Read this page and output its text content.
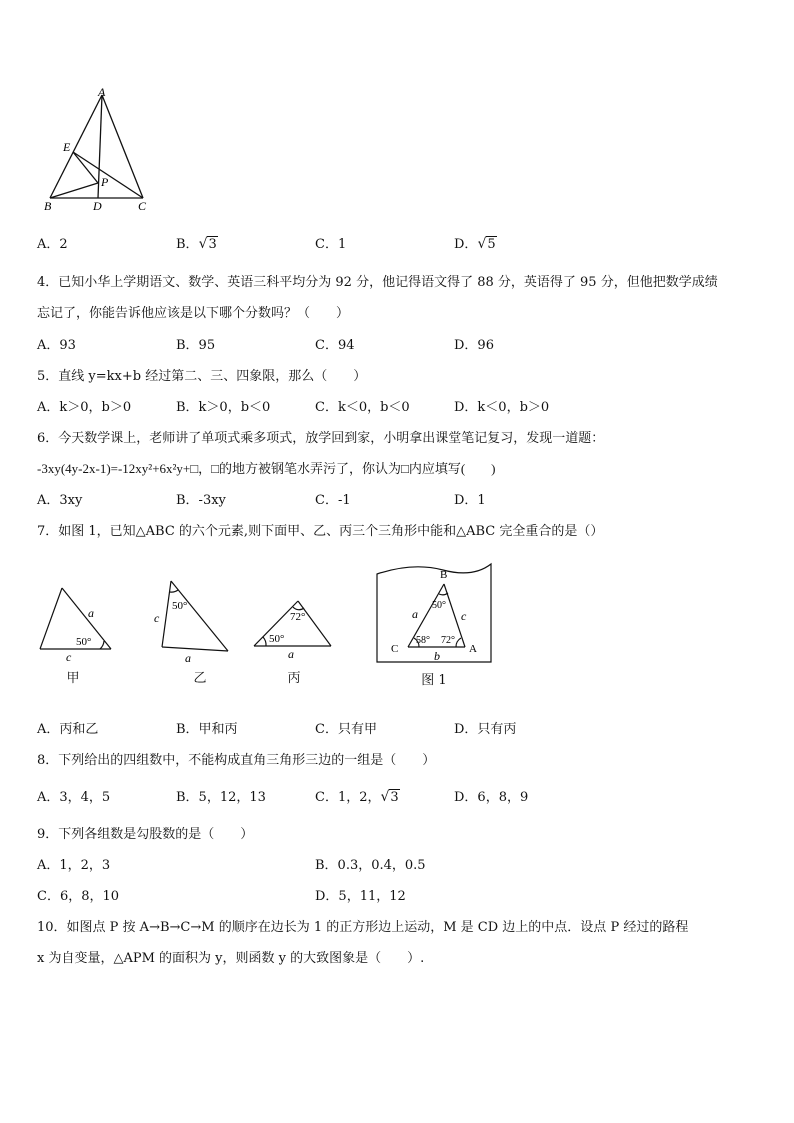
A
E
P
B	D	C
A．2	B．√3	C．1	D．√5
4．已知小华上学期语文、数学、英语三科平均分为 92 分，他记得语文得了 88 分，英语得了 95 分，但他把数学成绩
忘记了，你能告诉他应该是以下哪个分数吗？（　　）
A．93	B．95	C．94	D．96
5．直线 y=kx+b 经过第二、三、四象限，那么（　　）
A．k＞0，b＞0	B．k＞0，b＜0	C．k＜0，b＜0	D．k＜0，b＞0
6．今天数学课上，老师讲了单项式乘多项式，放学回到家，小明拿出课堂笔记复习，发现一道题：
-3xy(4y-2x-1)=-12xy²+6x²y+□，□的地方被钢笔水弄污了，你认为□内应填写(　　)
A．3xy	B．-3xy	C．-1	D．1
7．如图 1，已知△ABC 的六个元素,则下面甲、乙、丙三个三角形中能和△ABC 完全重合的是（）
a
50°
c
甲
50°
c
a
乙
72°
50°
a
丙
B
C	A
a	c
b
50°
58° 72°
图 1
A．丙和乙	B．甲和丙	C．只有甲	D．只有丙
8．下列给出的四组数中，不能构成直角三角形三边的一组是（　　）
A．3，4，5	B．5，12，13	C．1，2，√3	D．6，8，9
9．下列各组数是勾股数的是（　　）
A．1，2，3	B．0.3，0.4，0.5
C．6，8，10	D．5，11，12
10．如图点 P 按 A→B→C→M 的顺序在边长为 1 的正方形边上运动，M 是 CD 边上的中点．设点 P 经过的路程
x 为自变量，△APM 的面积为 y，则函数 y 的大致图象是（　　）.
